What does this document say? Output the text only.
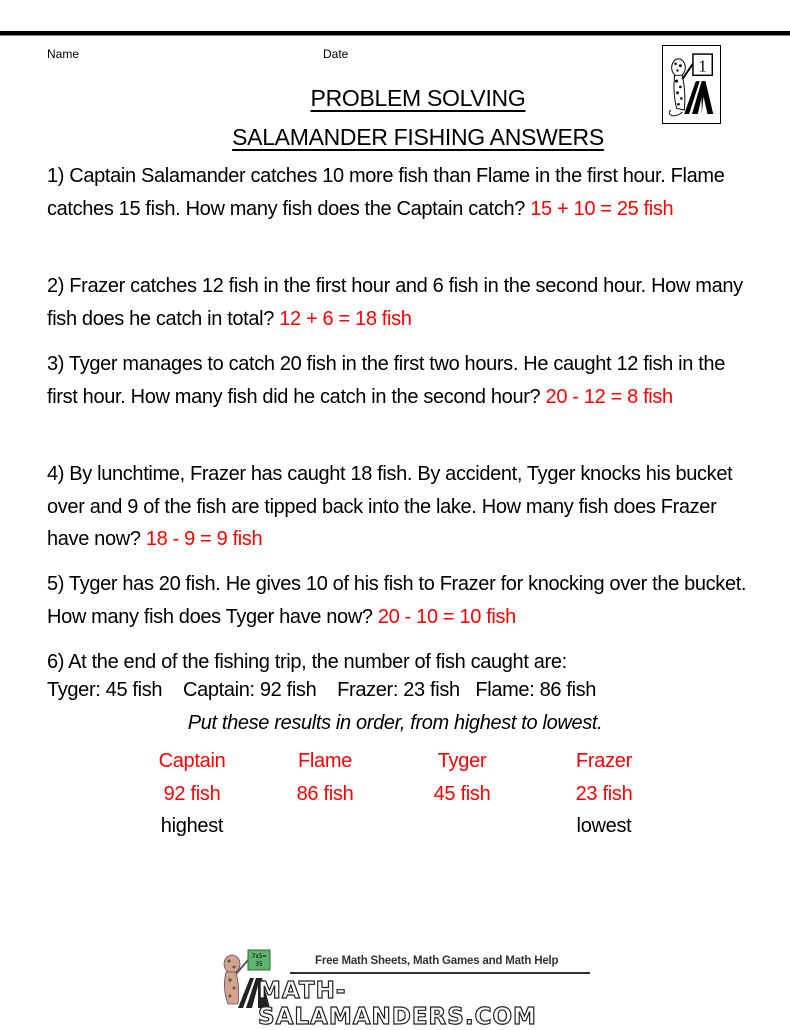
Name	Date
1
PROBLEM SOLVING
SALAMANDER FISHING ANSWERS
1) Captain Salamander catches 10 more fish than Flame in the first hour. Flame catches 15 fish. How many fish does the Captain catch? 15 + 10 = 25 fish
2) Frazer catches 12 fish in the first hour and 6 fish in the second hour. How many fish does he catch in total? 12 + 6 = 18 fish
3) Tyger manages to catch 20 fish in the first two hours. He caught 12 fish in the first hour. How many fish did he catch in the second hour? 20 - 12 = 8 fish
4) By lunchtime, Frazer has caught 18 fish. By accident, Tyger knocks his bucket over and 9 of the fish are tipped back into the lake. How many fish does Frazer have now? 18 - 9 = 9 fish
5) Tyger has 20 fish. He gives 10 of his fish to Frazer for knocking over the bucket. How many fish does Tyger have now? 20 - 10 = 10 fish
6) At the end of the fishing trip, the number of fish caught are:
Tyger: 45 fish    Captain: 92 fish    Frazer: 23 fish   Flame: 86 fish
Put these results in order, from highest to lowest.
Captain
92 fish
highest
Flame
86 fish
Tyger
45 fish
Frazer
23 fish
lowest
7x5=
35	Free Math Sheets, Math Games and Math Help
MATH-SALAMANDERS.COM
